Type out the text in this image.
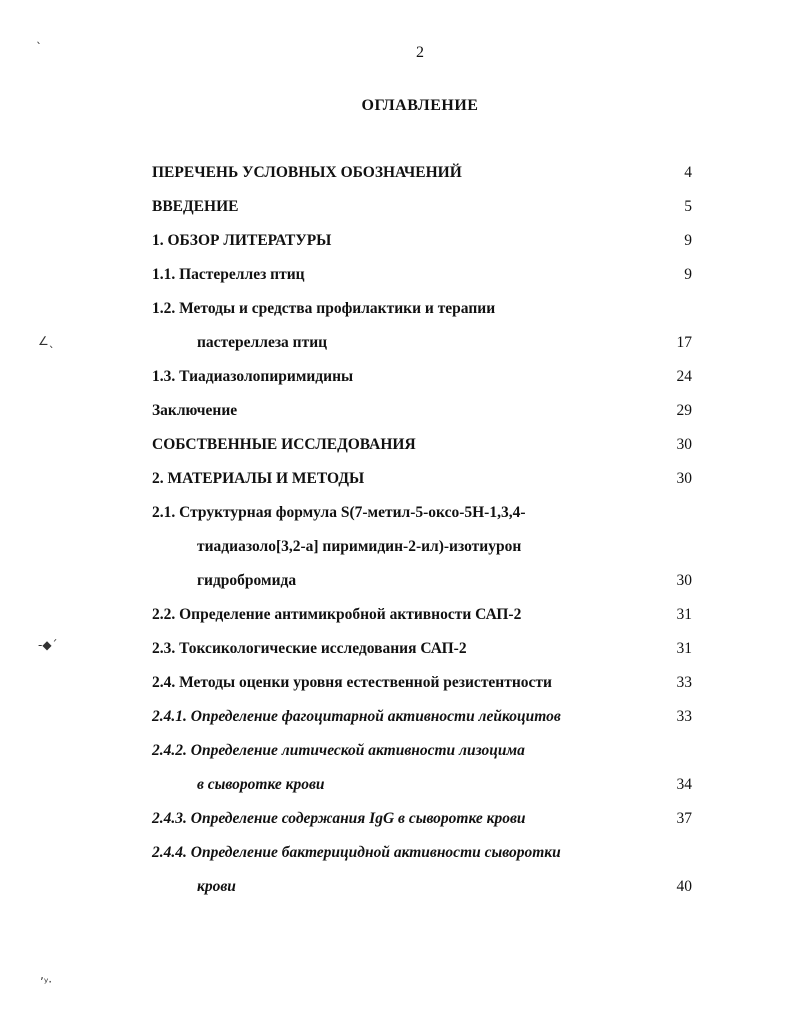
2
ОГЛАВЛЕНИЕ
ПЕРЕЧЕНЬ УСЛОВНЫХ ОБОЗНАЧЕНИЙ	4
ВВЕДЕНИЕ	5
1. ОБЗОР ЛИТЕРАТУРЫ	9
1.1. Пастереллез птиц	9
1.2. Методы и средства профилактики и терапии
пастереллеза птиц	17
1.3. Тиадиазолопиримидины	24
Заключение	29
СОБСТВЕННЫЕ ИССЛЕДОВАНИЯ	30
2. МАТЕРИАЛЫ И МЕТОДЫ	30
2.1. Структурная формула S(7-метил-5-оксо-5Н-1,3,4-
тиадиазоло[3,2-а] пиримидин-2-ил)-изотиурон
гидробромида	30
2.2. Определение антимикробной активности САП-2	31
2.3. Токсикологические исследования САП-2	31
2.4. Методы оценки уровня естественной резистентности	33
2.4.1. Определение фагоцитарной активности лейкоцитов	33
2.4.2. Определение литической активности лизоцима
в сыворотке крови	34
2.4.3. Определение содержания IgG в сыворотке крови	37
2.4.4. Определение бактерицидной активности сыворотки
крови	40
ˎ
∠ˎ
-◆´
ʼʸ·
